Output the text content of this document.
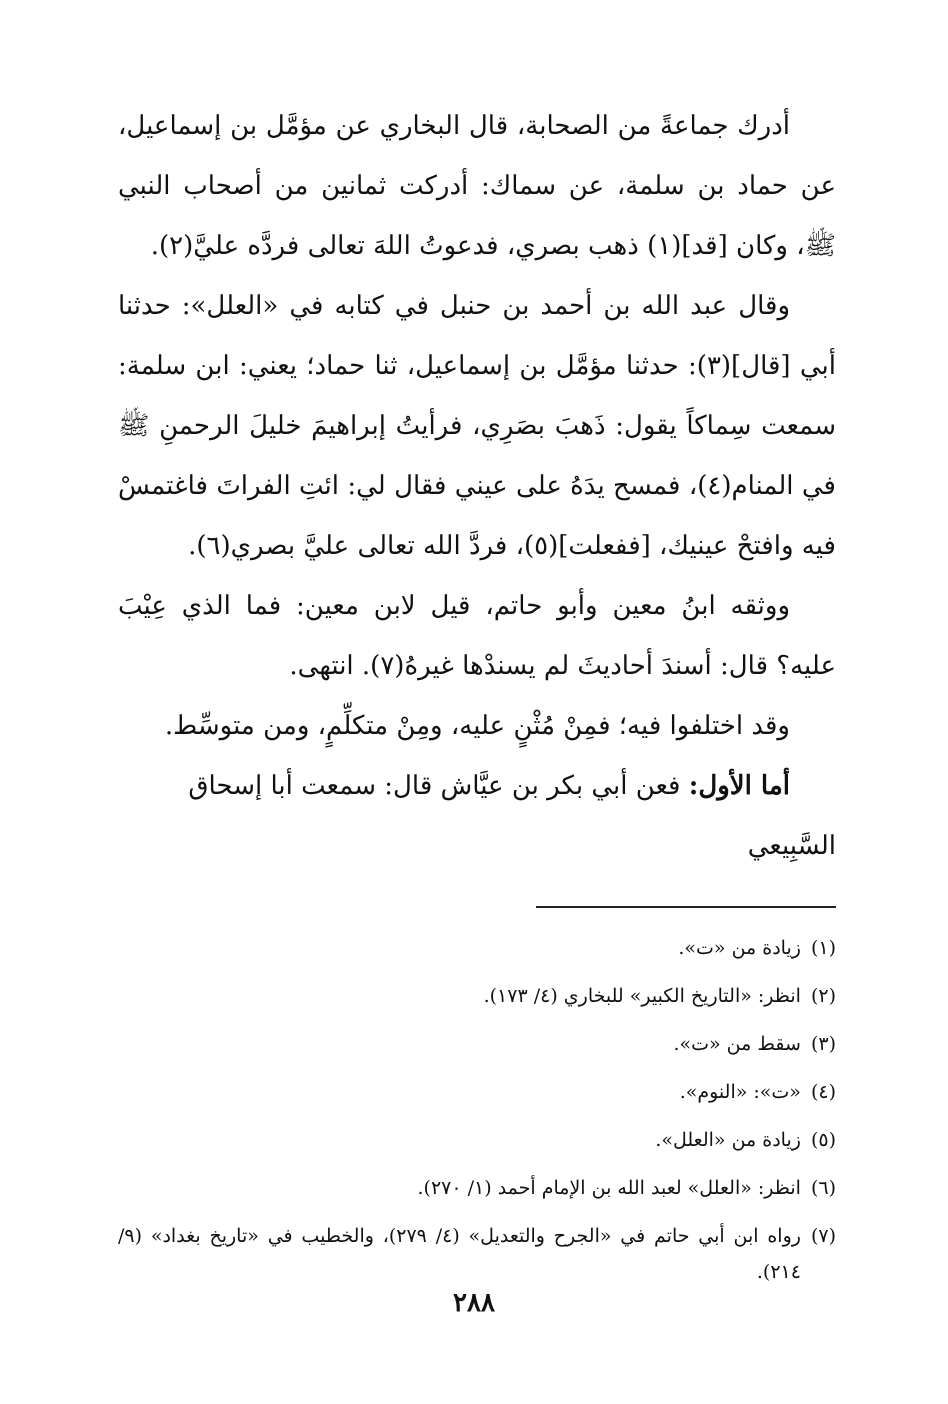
أدرك جماعةً من الصحابة، قال البخاري عن مؤمَّل بن إسماعيل، عن حماد بن سلمة، عن سماك: أدركت ثمانين من أصحاب النبي ﷺ، وكان [قد](١) ذهب بصري، فدعوتُ اللهَ تعالى فردَّه عليَّ(٢).

وقال عبد الله بن أحمد بن حنبل في كتابه في «العلل»: حدثنا أبي [قال](٣): حدثنا مؤمَّل بن إسماعيل، ثنا حماد؛ يعني: ابن سلمة: سمعت سِماكاً يقول: ذَهبَ بصَرِي، فرأيتُ إبراهيمَ خليلَ الرحمنِ ﷺ في المنام(٤)، فمسح يدَهُ على عيني فقال لي: ائتِ الفراتَ فاغتمسْ فيه وافتحْ عينيك، [ففعلت](٥)، فردَّ الله تعالى عليَّ بصري(٦).

ووثقه ابنُ معين وأبو حاتم، قيل لابن معين: فما الذي عِيْبَ عليه؟ قال: أسندَ أحاديثَ لم يسندْها غيرهُ(٧). انتهى.

وقد اختلفوا فيه؛ فمِنْ مُثْنٍ عليه، ومِنْ متكلِّمٍ، ومن متوسِّط.

أما الأول: فعن أبي بكر بن عيَّاش قال: سمعت أبا إسحاق السَّبِيعي

(١)
زيادة من «ت».
(٢)
انظر: «التاريخ الكبير» للبخاري (٤/ ١٧٣).
(٣)
سقط من «ت».
(٤)
«ت»: «النوم».
(٥)
زيادة من «العلل».
(٦)
انظر: «العلل» لعبد الله بن الإمام أحمد (١/ ٢٧٠).
(٧)
رواه ابن أبي حاتم في «الجرح والتعديل» (٤/ ٢٧٩)، والخطيب في «تاريخ بغداد» (٩/ ٢١٤).
٢٨٨
